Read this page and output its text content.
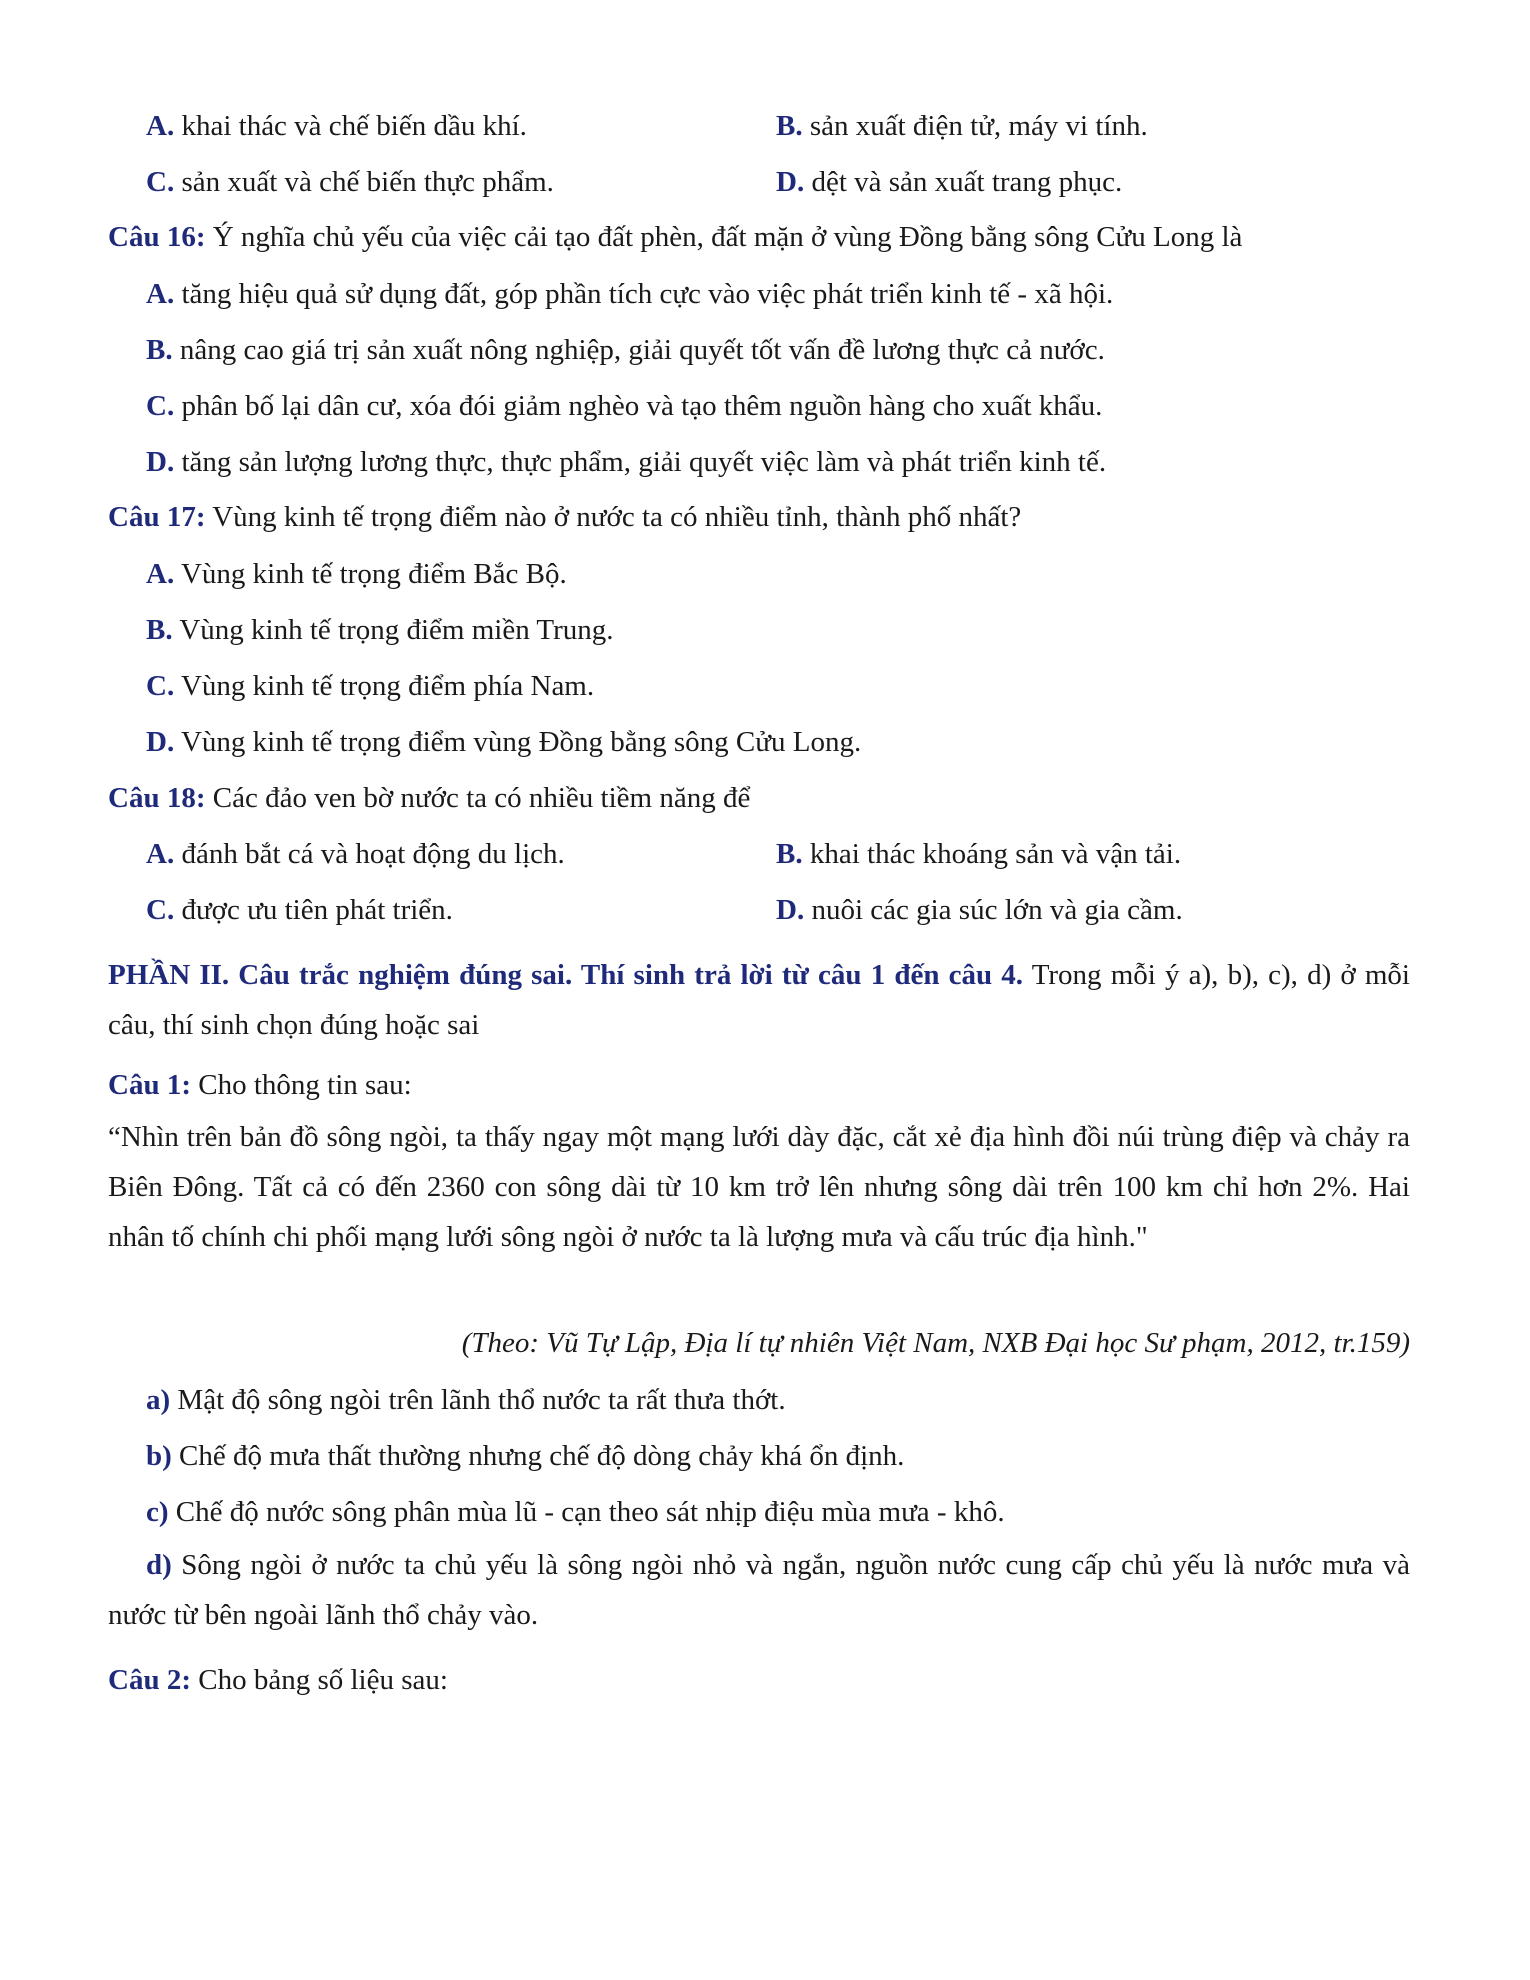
A. khai thác và chế biến dầu khí.	B. sản xuất điện tử, máy vi tính.
C. sản xuất và chế biến thực phẩm.	D. dệt và sản xuất trang phục.
Câu 16: Ý nghĩa chủ yếu của việc cải tạo đất phèn, đất mặn ở vùng Đồng bằng sông Cửu Long là
A. tăng hiệu quả sử dụng đất, góp phần tích cực vào việc phát triển kinh tế - xã hội.
B. nâng cao giá trị sản xuất nông nghiệp, giải quyết tốt vấn đề lương thực cả nước.
C. phân bố lại dân cư, xóa đói giảm nghèo và tạo thêm nguồn hàng cho xuất khẩu.
D. tăng sản lượng lương thực, thực phẩm, giải quyết việc làm và phát triển kinh tế.
Câu 17: Vùng kinh tế trọng điểm nào ở nước ta có nhiều tỉnh, thành phố nhất?
A. Vùng kinh tế trọng điểm Bắc Bộ.
B. Vùng kinh tế trọng điểm miền Trung.
C. Vùng kinh tế trọng điểm phía Nam.
D. Vùng kinh tế trọng điểm vùng Đồng bằng sông Cửu Long.
Câu 18: Các đảo ven bờ nước ta có nhiều tiềm năng để
A. đánh bắt cá và hoạt động du lịch.	B. khai thác khoáng sản và vận tải.
C. được ưu tiên phát triển.	D. nuôi các gia súc lớn và gia cầm.
PHẦN II. Câu trắc nghiệm đúng sai. Thí sinh trả lời từ câu 1 đến câu 4. Trong mỗi ý a), b), c), d) ở mỗi câu, thí sinh chọn đúng hoặc sai
Câu 1: Cho thông tin sau:
“Nhìn trên bản đồ sông ngòi, ta thấy ngay một mạng lưới dày đặc, cắt xẻ địa hình đồi núi trùng điệp và chảy ra Biên Đông. Tất cả có đến 2360 con sông dài từ 10 km trở lên nhưng sông dài trên 100 km chỉ hơn 2%. Hai nhân tố chính chi phối mạng lưới sông ngòi ở nước ta là lượng mưa và cấu trúc địa hình."
(Theo: Vũ Tự Lập, Địa lí tự nhiên Việt Nam, NXB Đại học Sư phạm, 2012, tr.159)
a) Mật độ sông ngòi trên lãnh thổ nước ta rất thưa thớt.
b) Chế độ mưa thất thường nhưng chế độ dòng chảy khá ổn định.
c) Chế độ nước sông phân mùa lũ - cạn theo sát nhịp điệu mùa mưa - khô.
d) Sông ngòi ở nước ta chủ yếu là sông ngòi nhỏ và ngắn, nguồn nước cung cấp chủ yếu là nước mưa và nước từ bên ngoài lãnh thổ chảy vào.
Câu 2: Cho bảng số liệu sau:
